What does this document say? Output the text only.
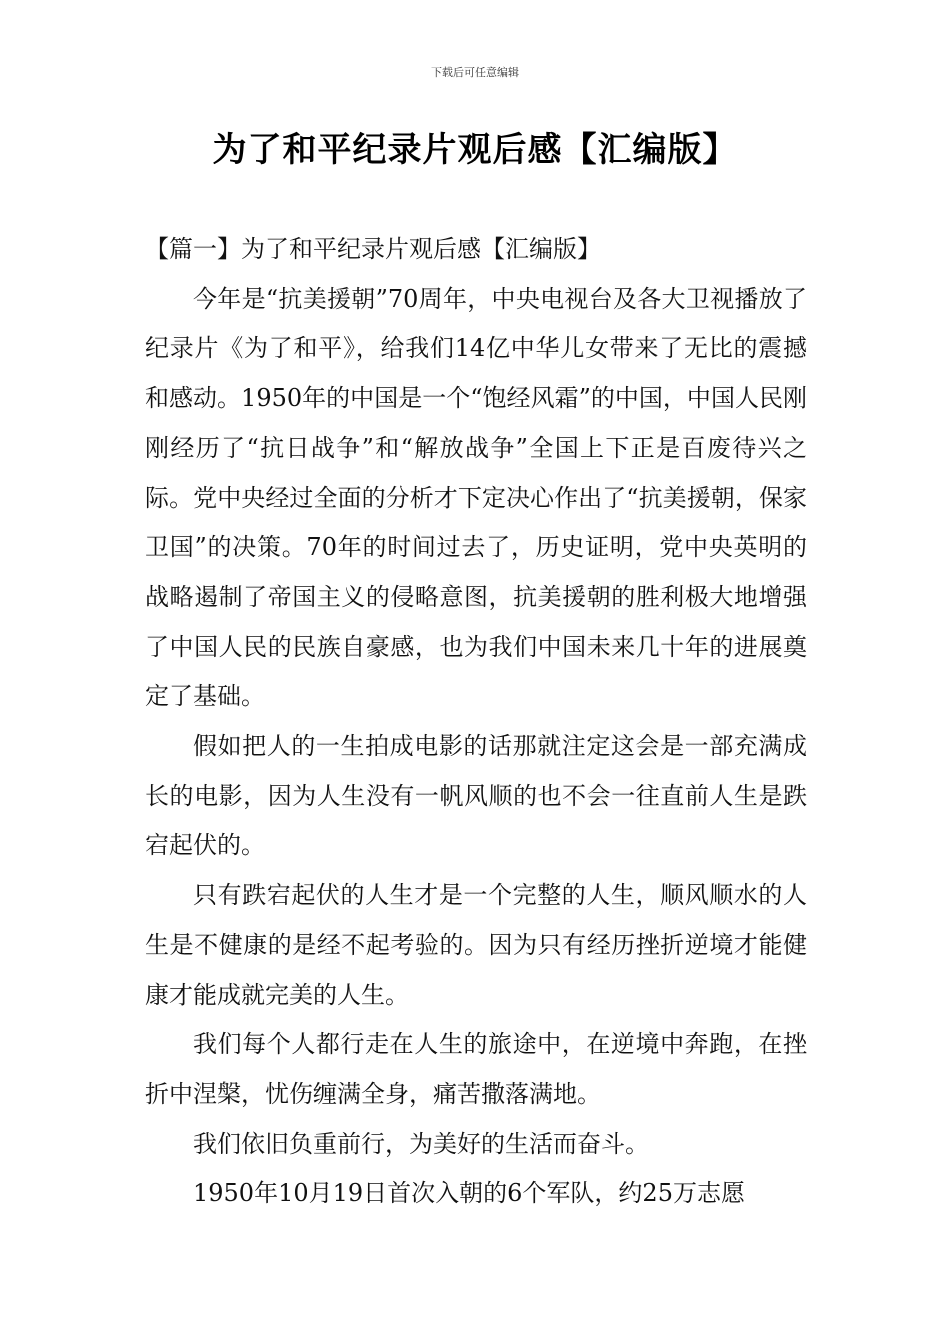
下载后可任意编辑
为了和平纪录片观后感【汇编版】

【篇一】为了和平纪录片观后感【汇编版】

今年是“抗美援朝”70周年，中央电视台及各大卫视播放了纪录片《为了和平》，给我们14亿中华儿女带来了无比的震撼和感动。1950年的中国是一个“饱经风霜”的中国，中国人民刚刚经历了“抗日战争”和“解放战争”全国上下正是百废待兴之际。党中央经过全面的分析才下定决心作出了“抗美援朝，保家卫国”的决策。70年的时间过去了，历史证明，党中央英明的战略遏制了帝国主义的侵略意图，抗美援朝的胜利极大地增强了中国人民的民族自豪感，也为我们中国未来几十年的进展奠定了基础。

假如把人的一生拍成电影的话那就注定这会是一部充满成长的电影，因为人生没有一帆风顺的也不会一往直前人生是跌宕起伏的。

只有跌宕起伏的人生才是一个完整的人生，顺风顺水的人生是不健康的是经不起考验的。因为只有经历挫折逆境才能健康才能成就完美的人生。

我们每个人都行走在人生的旅途中，在逆境中奔跑，在挫折中涅槃，忧伤缠满全身，痛苦撒落满地。

我们依旧负重前行，为美好的生活而奋斗。

1950年10月19日首次入朝的6个军队，约25万志愿
